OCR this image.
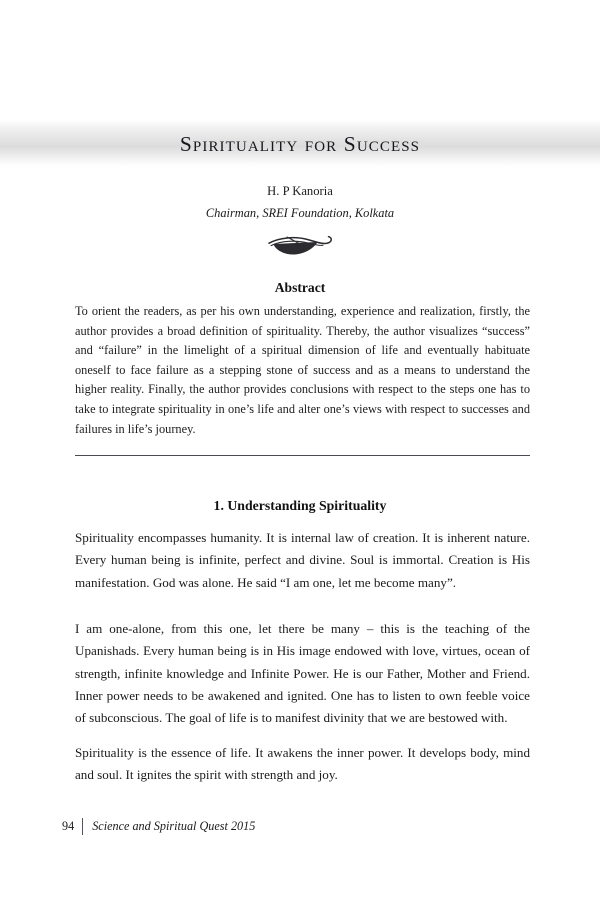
Spirituality for Success
H. P Kanoria
Chairman, SREI Foundation, Kolkata
Abstract
To orient the readers, as per his own understanding, experience and realization, firstly, the author provides a broad definition of spirituality. Thereby, the author visualizes “success” and “failure” in the limelight of a spiritual dimension of life and eventually habituate oneself to face failure as a stepping stone of success and as a means to understand the higher reality. Finally, the author provides conclusions with respect to the steps one has to take to integrate spirituality in one’s life and alter one’s views with respect to successes and failures in life’s journey.
1. Understanding Spirituality
Spirituality encompasses humanity. It is internal law of creation. It is inherent nature. Every human being is infinite, perfect and divine. Soul is immortal. Creation is His manifestation. God was alone. He said “I am one, let me become many”.
I am one-alone, from this one, let there be many – this is the teaching of the Upanishads. Every human being is in His image endowed with love, virtues, ocean of strength, infinite knowledge and Infinite Power. He is our Father, Mother and Friend. Inner power needs to be awakened and ignited. One has to listen to own feeble voice of subconscious. The goal of life is to manifest divinity that we are bestowed with.
Spirituality is the essence of life. It awakens the inner power. It develops body, mind and soul. It ignites the spirit with strength and joy.
94	Science and Spiritual Quest 2015
